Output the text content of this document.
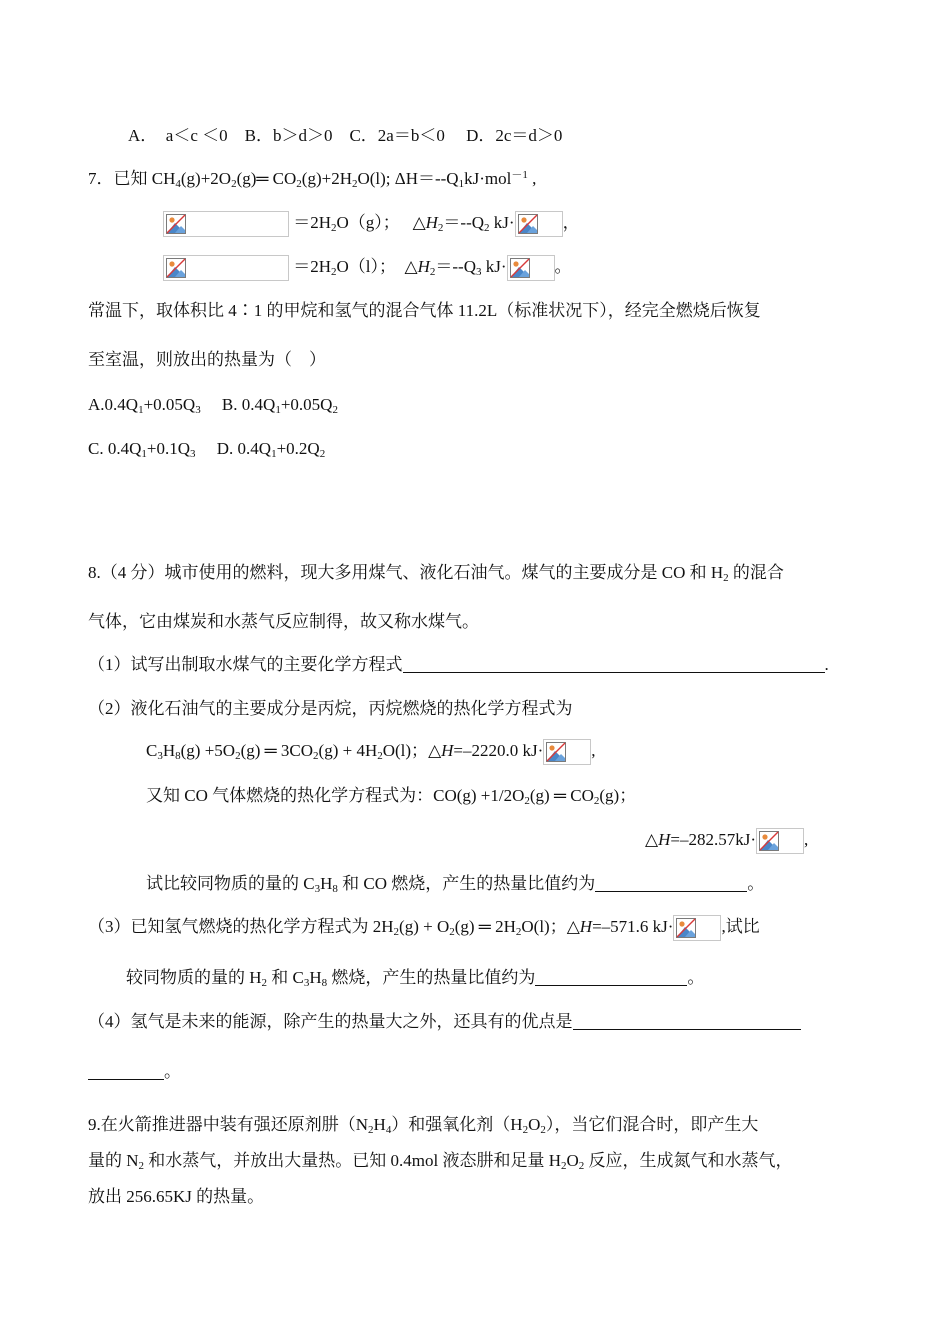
A．　a＜c ＜0　B．b＞d＞0　C．2a＝b＜0　 D．2c＝d＞0
7．已知 $CH_4(g)+2O_2(g)═$ $CO_2(g)+2H_2O(l)$; $\Delta H=--Q_1kJ\cdot mol^{-1}$ ,
$=2H_2O(g)$；　 $\triangle H_2=--Q_2$ kJ·	，
$=2H_2O(l)$；　$\triangle H_2=--Q_3$ kJ·	。
常温下，取体积比 4∶1 的甲烷和氢气的混合气体 11.2L（标准状况下），经完全燃烧后恢复
至室温，则放出的热量为（　）
$A.0.4Q_1+0.05Q_3$　 B. $0.4Q_1+0.05Q_2$
C. $0.4Q_1+0.1Q_3$　 D. $0.4Q_1+0.2Q_2$
8.（4 分）城市使用的燃料，现大多用煤气、液化石油气。煤气的主要成分是 CO 和 $H_2$ 的混合
气体，它由煤炭和水蒸气反应制得，故又称水煤气。
（1）试写出制取水煤气的主要化学方程式	.
（2）液化石油气的主要成分是丙烷，丙烷燃烧的热化学方程式为
$C_3H_8(g) +5O_2(g)$ ═ $3CO_2(g) + 4H_2O(l)$；△H=–2220.0 kJ·	,
又知 CO 气体燃烧的热化学方程式为：$CO(g) +1/2O_2(g)$ ═ $CO_2(g)$；
△H=–282.57kJ·	,
试比较同物质的量的 $C_3H_8$ 和 CO 燃烧，产生的热量比值约为	。
（3）已知氢气燃烧的热化学方程式为 $2H_2(g) + O_2(g)$ ═ $2H_2O(l)$；△H=–571.6 kJ·	,试比
较同物质的量的 $H_2$ 和 $C_3H_8$ 燃烧，产生的热量比值约为	。
（4）氢气是未来的能源，除产生的热量大之外，还具有的优点是
。
9.在火箭推进器中装有强还原剂肼$(N_2H_4)$和强氧化剂$(H_2O_2)$，当它们混合时，即产生大
量的 $N_2$ 和水蒸气，并放出大量热。已知 0.4mol 液态肼和足量 $H_2O_2$ 反应，生成氮气和水蒸气，
放出 256.65KJ 的热量。
